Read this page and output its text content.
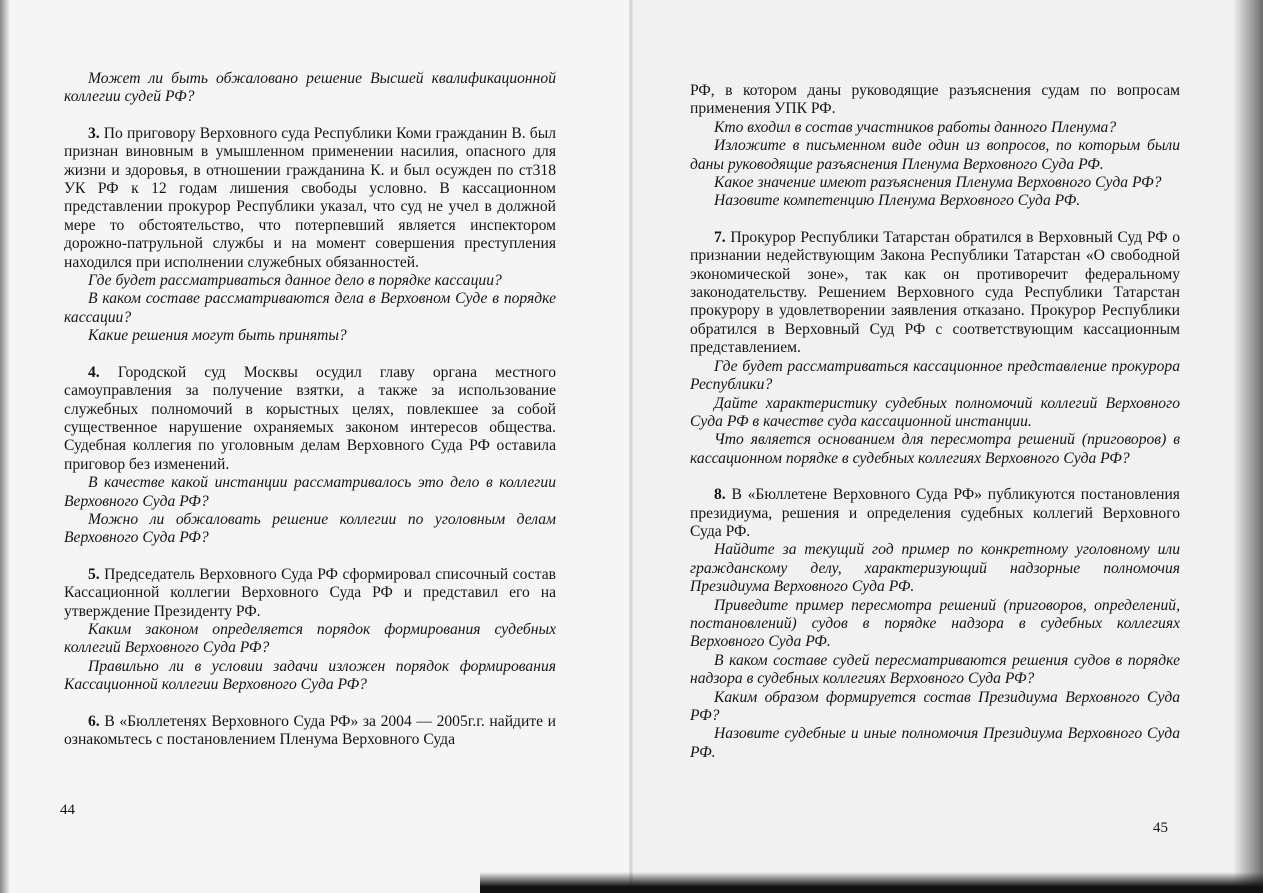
Может ли быть обжаловано решение Высшей квалификационной коллегии судей РФ?

3. По приговору Верховного суда Республики Коми гражданин В. был признан виновным в умышленном применении насилия, опасного для жизни и здоровья, в отношении гражданина К. и был осужден по ст318 УК РФ к 12 годам лишения свободы условно. В кассационном представлении прокурор Республики указал, что суд не учел в должной мере то обстоятельство, что потерпевший является инспектором дорожно-патрульной службы и на момент совершения преступления находился при исполнении служебных обязанностей.

Где будет рассматриваться данное дело в порядке кассации?

В каком составе рассматриваются дела в Верховном Суде в порядке кассации?

Какие решения могут быть приняты?

4. Городской суд Москвы осудил главу органа местного самоуправления за получение взятки, а также за использование служебных полномочий в корыстных целях, повлекшее за собой существенное нарушение охраняемых законом интересов общества. Судебная коллегия по уголовным делам Верховного Суда РФ оставила приговор без изменений.

В качестве какой инстанции рассматривалось это дело в коллегии Верховного Суда РФ?

Можно ли обжаловать решение коллегии по уголовным делам Верховного Суда РФ?

5. Председатель Верховного Суда РФ сформировал списочный состав Кассационной коллегии Верховного Суда РФ и представил его на утверждение Президенту РФ.

Каким законом определяется порядок формирования судебных коллегий Верховного Суда РФ?

Правильно ли в условии задачи изложен порядок формирования Кассационной коллегии Верховного Суда РФ?

6. В «Бюллетенях Верховного Суда РФ» за 2004 — 2005г.г. найдите и ознакомьтесь с постановлением Пленума Верховного Суда

РФ, в котором даны руководящие разъяснения судам по вопросам применения УПК РФ.

Кто входил в состав участников работы данного Пленума?

Изложите в письменном виде один из вопросов, по которым были даны руководящие разъяснения Пленума Верховного Суда РФ.

Какое значение имеют разъяснения Пленума Верховного Суда РФ?

Назовите компетенцию Пленума Верховного Суда РФ.

7. Прокурор Республики Татарстан обратился в Верховный Суд РФ о признании недействующим Закона Республики Татарстан «О свободной экономической зоне», так как он противоречит федеральному законодательству. Решением Верховного суда Республики Татарстан прокурору в удовлетворении заявления отказано. Прокурор Республики обратился в Верховный Суд РФ с соответствующим кассационным представлением.

Где будет рассматриваться кассационное представление прокурора Республики?

Дайте характеристику судебных полномочий коллегий Верховного Суда РФ в качестве суда кассационной инстанции.

Что является основанием для пересмотра решений (приговоров) в кассационном порядке в судебных коллегиях Верховного Суда РФ?

8. В «Бюллетене Верховного Суда РФ» публикуются постановления президиума, решения и определения судебных коллегий Верховного Суда РФ.

Найдите за текущий год пример по конкретному уголовному или гражданскому делу, характеризующий надзорные полномочия Президиума Верховного Суда РФ.

Приведите пример пересмотра решений (приговоров, определений, постановлений) судов в порядке надзора в судебных коллегиях Верховного Суда РФ.

В каком составе судей пересматриваются решения судов в порядке надзора в судебных коллегиях Верховного Суда РФ?

Каким образом формируется состав Президиума Верховного Суда РФ?

Назовите судебные и иные полномочия Президиума Верховного Суда РФ.

44
45
